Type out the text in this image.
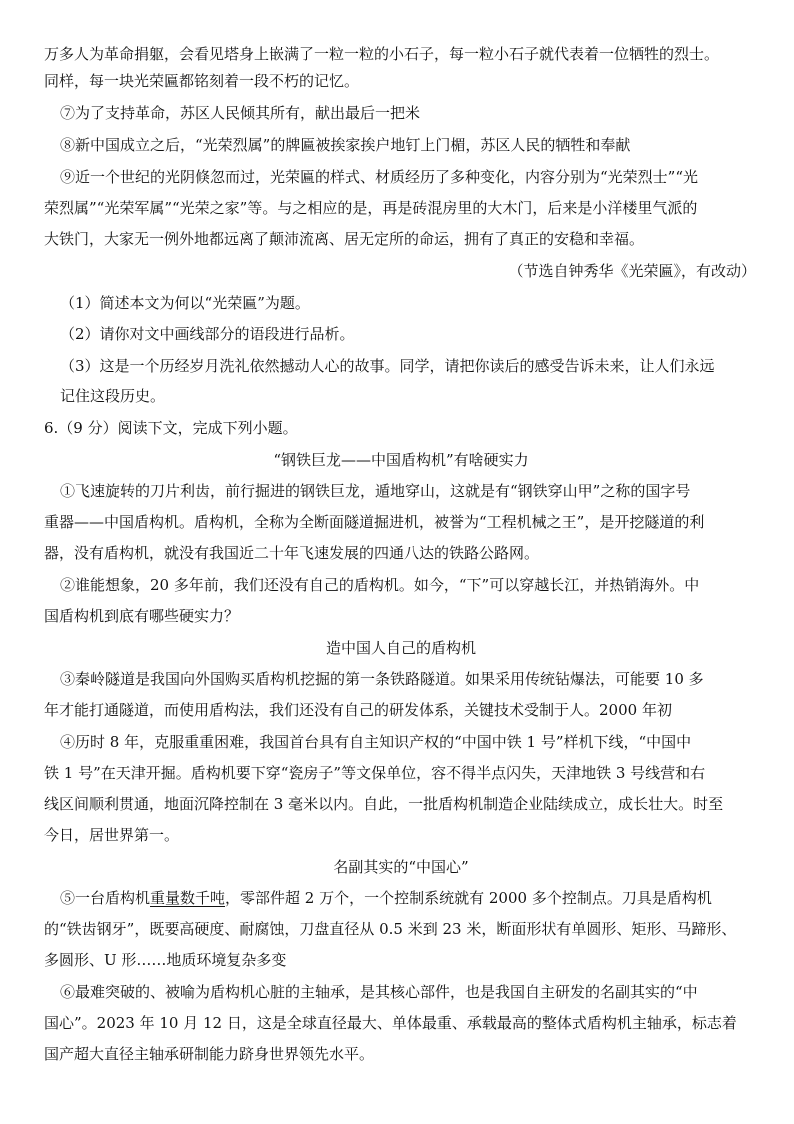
万多人为革命捐躯，会看见塔身上嵌满了一粒一粒的小石子，每一粒小石子就代表着一位牺牲的烈士。
同样，每一块光荣匾都铭刻着一段不朽的记忆。
⑦为了支持革命，苏区人民倾其所有，献出最后一把米
⑧新中国成立之后，“光荣烈属”的牌匾被挨家挨户地钉上门楣，苏区人民的牺牲和奉献
⑨近一个世纪的光阴倏忽而过，光荣匾的样式、材质经历了多种变化，内容分别为“光荣烈士”“光
荣烈属”“光荣军属”“光荣之家”等。与之相应的是，再是砖混房里的大木门，后来是小洋楼里气派的
大铁门，大家无一例外地都远离了颠沛流离、居无定所的命运，拥有了真正的安稳和幸福。
（节选自钟秀华《光荣匾》，有改动）
（1）简述本文为何以“光荣匾”为题。
（2）请你对文中画线部分的语段进行品析。
（3）这是一个历经岁月洗礼依然撼动人心的故事。同学，请把你读后的感受告诉未来，让人们永远
记住这段历史。
6.（9 分）阅读下文，完成下列小题。
“钢铁巨龙——中国盾构机”有啥硬实力
①飞速旋转的刀片利齿，前行掘进的钢铁巨龙，遁地穿山，这就是有“钢铁穿山甲”之称的国字号
重器——中国盾构机。盾构机，全称为全断面隧道掘进机，被誉为“工程机械之王”，是开挖隧道的利
器，没有盾构机，就没有我国近二十年飞速发展的四通八达的铁路公路网。
②谁能想象，20 多年前，我们还没有自己的盾构机。如今，“下”可以穿越长江，并热销海外。中
国盾构机到底有哪些硬实力？
造中国人自己的盾构机
③秦岭隧道是我国向外国购买盾构机挖掘的第一条铁路隧道。如果采用传统钻爆法，可能要 10 多
年才能打通隧道，而使用盾构法，我们还没有自己的研发体系，关键技术受制于人。2000 年初
④历时 8 年，克服重重困难，我国首台具有自主知识产权的“中国中铁 1 号”样机下线，“中国中
铁 1 号”在天津开掘。盾构机要下穿“瓷房子”等文保单位，容不得半点闪失，天津地铁 3 号线营和右
线区间顺利贯通，地面沉降控制在 3 毫米以内。自此，一批盾构机制造企业陆续成立，成长壮大。时至
今日，居世界第一。
名副其实的“中国心”
⑤一台盾构机重量数千吨，零部件超 2 万个，一个控制系统就有 2000 多个控制点。刀具是盾构机
的“铁齿钢牙”，既要高硬度、耐腐蚀，刀盘直径从 0.5 米到 23 米，断面形状有单圆形、矩形、马蹄形、
多圆形、U 形……地质环境复杂多变
⑥最难突破的、被喻为盾构机心脏的主轴承，是其核心部件，也是我国自主研发的名副其实的“中
国心”。2023 年 10 月 12 日，这是全球直径最大、单体最重、承载最高的整体式盾构机主轴承，标志着
国产超大直径主轴承研制能力跻身世界领先水平。
